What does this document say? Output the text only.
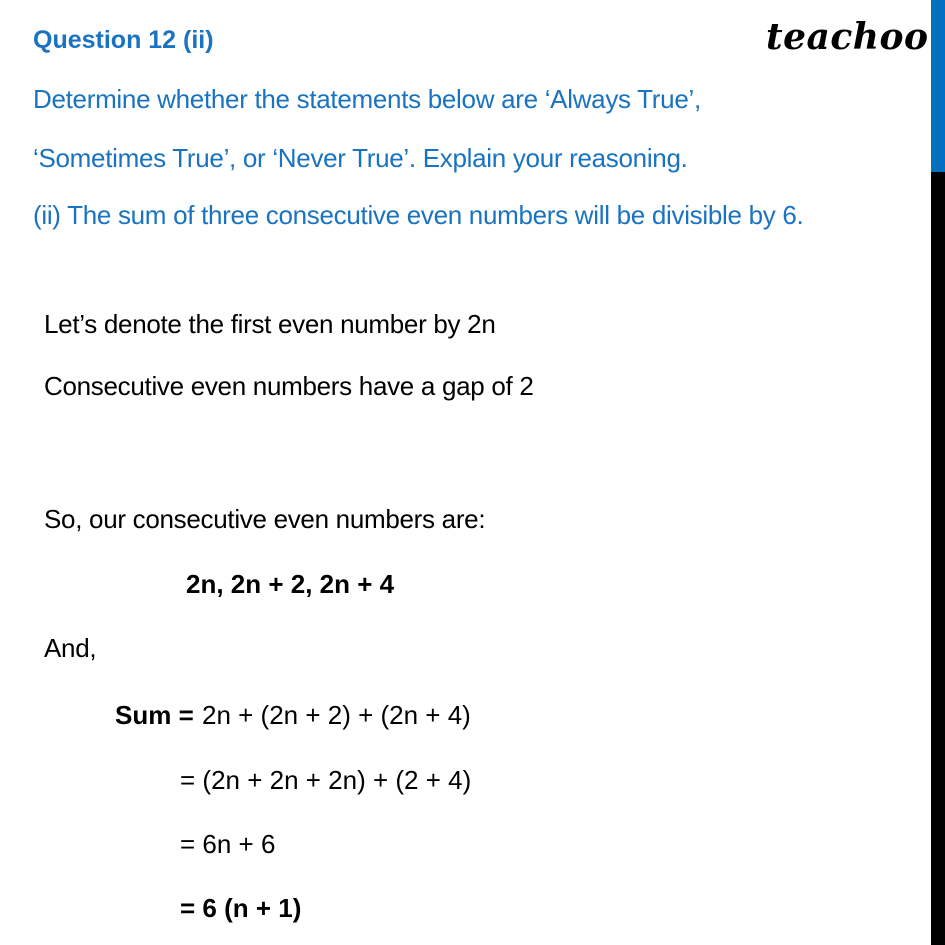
teachoo
Question 12 (ii)
Determine whether the statements below are ‘Always True’,
‘Sometimes True’, or ‘Never True’. Explain your reasoning.
(ii) The sum of three consecutive even numbers will be divisible by 6.
Let’s denote the first even number by 2n
Consecutive even numbers have a gap of 2
So, our consecutive even numbers are:
2n, 2n + 2, 2n + 4
And,
Sum = 2n + (2n + 2) + (2n + 4)
= (2n + 2n + 2n) + (2 + 4)
= 6n + 6
= 6 (n + 1)
